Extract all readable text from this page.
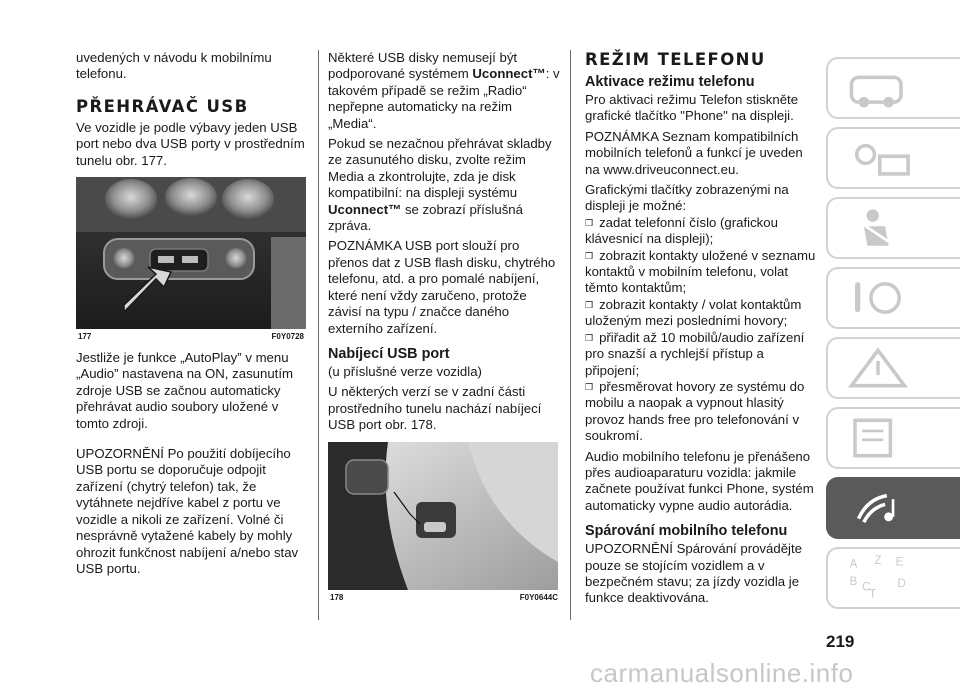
uvedených v návodu k mobilnímu telefonu.

PŘEHRÁVAČ USB

Ve vozidle je podle výbavy jeden USB port nebo dva USB porty v prostředním tunelu obr. 177.

177	F0Y0728

Jestliže je funkce „AutoPlay” v menu „Audio” nastavena na ON, zasunutím zdroje USB se začnou automaticky přehrávat audio soubory uložené v tomto zdroji.

UPOZORNĚNÍ Po použití dobíjecího USB portu se doporučuje odpojit zařízení (chytrý telefon) tak, že vytáhnete nejdříve kabel z portu ve vozidle a nikoli ze zařízení. Volné či nesprávně vytažené kabely by mohly ohrozit funkčnost nabíjení a/nebo stav USB portu.

Některé USB disky nemusejí být podporované systémem Uconnect™: v takovém případě se režim „Radio“ nepřepne automaticky na režim „Media“.

Pokud se nezačnou přehrávat skladby ze zasunutého disku, zvolte režim Media a zkontrolujte, zda je disk kompatibilní: na displeji systému Uconnect™ se zobrazí příslušná zpráva.

POZNÁMKA USB port slouží pro přenos dat z USB flash disku, chytrého telefonu, atd. a pro pomalé nabíjení, které není vždy zaručeno, protože závisí na typu / značce daného externího zařízení.

Nabíjecí USB port

(u příslušné verze vozidla)

U některých verzí se v zadní části prostředního tunelu nachází nabíjecí USB port obr. 178.

178	F0Y0644C
REŽIM TELEFONU
Aktivace režimu telefonu

Pro aktivaci režimu Telefon stiskněte grafické tlačítko "Phone" na displeji.

POZNÁMKA Seznam kompatibilních mobilních telefonů a funkcí je uveden na www.driveuconnect.eu.

Grafickými tlačítky zobrazenými na displeji je možné:

❒ zadat telefonní číslo (grafickou klávesnicí na displeji);

❒ zobrazit kontakty uložené v seznamu kontaktů v mobilním telefonu, volat těmto kontaktům;

❒ zobrazit kontakty / volat kontaktům uloženým mezi posledními hovory;

❒ přiřadit až 10 mobilů/audio zařízení pro snazší a rychlejší přístup a připojení;

❒ přesměrovat hovory ze systému do mobilu a naopak a vypnout hlasitý provoz hands free pro telefonování v soukromí.

Audio mobilního telefonu je přenášeno přes audioaparaturu vozidla: jakmile začnete používat funkci Phone, systém automaticky vypne audio autorádia.

Spárování mobilního telefonu

UPOZORNĚNÍ Spárování provádějte pouze se stojícím vozidlem a v bezpečném stavu; za jízdy vozidla je funkce deaktivována.

A Z E
B
T
C D
219
carmanualsonline.info
